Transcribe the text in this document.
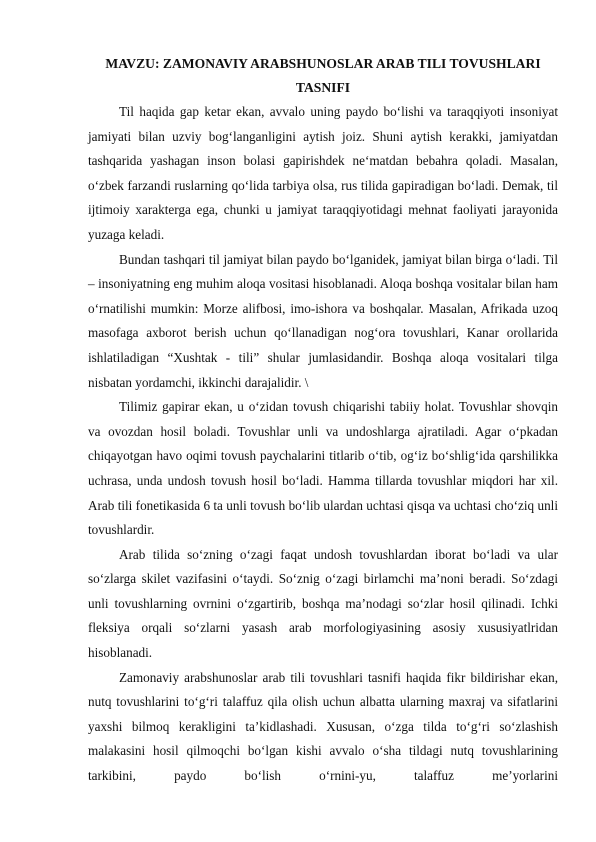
MAVZU: ZAMONAVIY ARABSHUNOSLAR ARAB TILI TOVUSHLARI TASNIFI

Til haqida gap ketar ekan, avvalo uning paydo bo‘lishi va taraqqiyoti insoniyat jamiyati bilan uzviy bog‘langanligini aytish joiz. Shuni aytish kerakki, jamiyatdan tashqarida yashagan inson bolasi gapirishdek ne‘matdan bebahra qoladi. Masalan, o‘zbek farzandi ruslarning qo‘lida tarbiya olsa, rus tilida gapiradigan bo‘ladi. Demak, til ijtimoiy xarakterga ega, chunki u jamiyat taraqqiyotidagi mehnat faoliyati jarayonida yuzaga keladi.

Bundan tashqari til jamiyat bilan paydo bo‘lganidek, jamiyat bilan birga o‘ladi. Til – insoniyatning eng muhim aloqa vositasi hisoblanadi. Aloqa boshqa vositalar bilan ham o‘rnatilishi mumkin: Morze alifbosi, imo-ishora va boshqalar. Masalan, Afrikada uzoq masofaga axborot berish uchun qo‘llanadigan nog‘ora tovushlari, Kanar orollarida ishlatiladigan “Xushtak - tili” shular jumlasidandir. Boshqa aloqa vositalari tilga nisbatan yordamchi, ikkinchi darajalidir. \

Tilimiz gapirar ekan, u o‘zidan tovush chiqarishi tabiiy holat. Tovushlar shovqin va ovozdan hosil boladi. Tovushlar unli va undoshlarga ajratiladi. Agar o‘pkadan chiqayotgan havo oqimi tovush paychalarini titlarib o‘tib, og‘iz bo‘shlig‘ida qarshilikka uchrasa, unda undosh tovush hosil bo‘ladi. Hamma tillarda tovushlar miqdori har xil. Arab tili fonetikasida 6 ta unli tovush bo‘lib ulardan uchtasi qisqa va uchtasi cho‘ziq unli tovushlardir.

Arab tilida so‘zning o‘zagi faqat undosh tovushlardan iborat bo‘ladi va ular so‘zlarga skilet vazifasini o‘taydi. So‘znig o‘zagi birlamchi ma’noni beradi. So‘zdagi unli tovushlarning ovrnini o‘zgartirib, boshqa ma’nodagi so‘zlar hosil qilinadi. Ichki fleksiya orqali so‘zlarni yasash arab morfologiyasining asosiy xususiyatlridan hisoblanadi.

Zamonaviy arabshunoslar arab tili tovushlari tasnifi haqida fikr bildirishar ekan, nutq tovushlarini to‘g‘ri talaffuz qila olish uchun albatta ularning maxraj va sifatlarini yaxshi bilmoq kerakligini ta’kidlashadi. Xususan, o‘zga tilda to‘g‘ri so‘zlashish malakasini hosil qilmoqchi bo‘lgan kishi avvalo o‘sha tildagi nutq tovushlarining tarkibini, paydo bo‘lish o‘rnini-yu, talaffuz me’yorlarini
